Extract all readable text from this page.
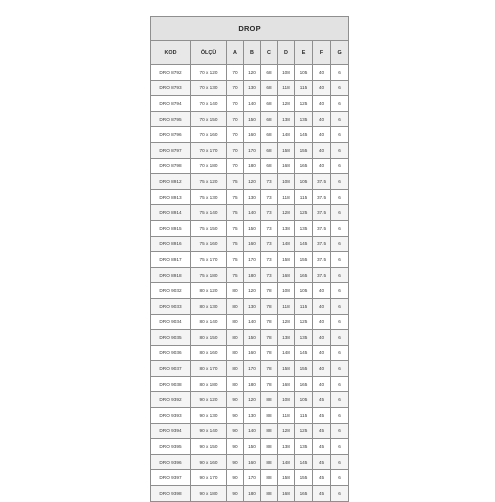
DROP								
KOD	ÖLÇÜ	A	B	C	D	E	F	G
DRO 8792	70 x 120	70	120	68	108	105	40	6
DRO 8793	70 x 130	70	130	68	118	115	40	6
DRO 8794	70 x 140	70	140	68	128	125	40	6
DRO 8795	70 x 150	70	150	68	138	135	40	6
DRO 8796	70 x 160	70	160	68	148	145	40	6
DRO 8797	70 x 170	70	170	68	158	155	40	6
DRO 8798	70 x 180	70	180	68	168	165	40	6
DRO 8912	75 x 120	75	120	73	108	105	37.5	6
DRO 8913	75 x 130	75	130	73	118	115	37.5	6
DRO 8914	75 x 140	75	140	73	128	125	37.5	6
DRO 8915	75 x 150	75	150	73	138	135	37.5	6
DRO 8916	75 x 160	75	160	73	148	145	37.5	6
DRO 8917	75 x 170	75	170	73	158	155	37.5	6
DRO 8918	75 x 180	75	180	73	168	165	37.5	6
DRO 9032	80 x 120	80	120	78	108	105	40	6
DRO 9033	80 x 130	80	130	78	118	115	40	6
DRO 9034	80 x 140	80	140	78	128	125	40	6
DRO 9035	80 x 150	80	150	78	138	135	40	6
DRO 9036	80 x 160	80	160	78	148	145	40	6
DRO 9037	80 x 170	80	170	78	158	155	40	6
DRO 9038	80 x 180	80	180	78	168	165	40	6
DRO 9392	90 x 120	90	120	88	108	105	45	6
DRO 9393	90 x 130	90	130	88	118	115	45	6
DRO 9394	90 x 140	90	140	88	128	125	45	6
DRO 9395	90 x 150	90	150	88	138	135	45	6
DRO 9396	90 x 160	90	160	88	148	145	45	6
DRO 9397	90 x 170	90	170	88	158	155	45	6
DRO 9398	90 x 180	90	180	88	168	165	45	6
